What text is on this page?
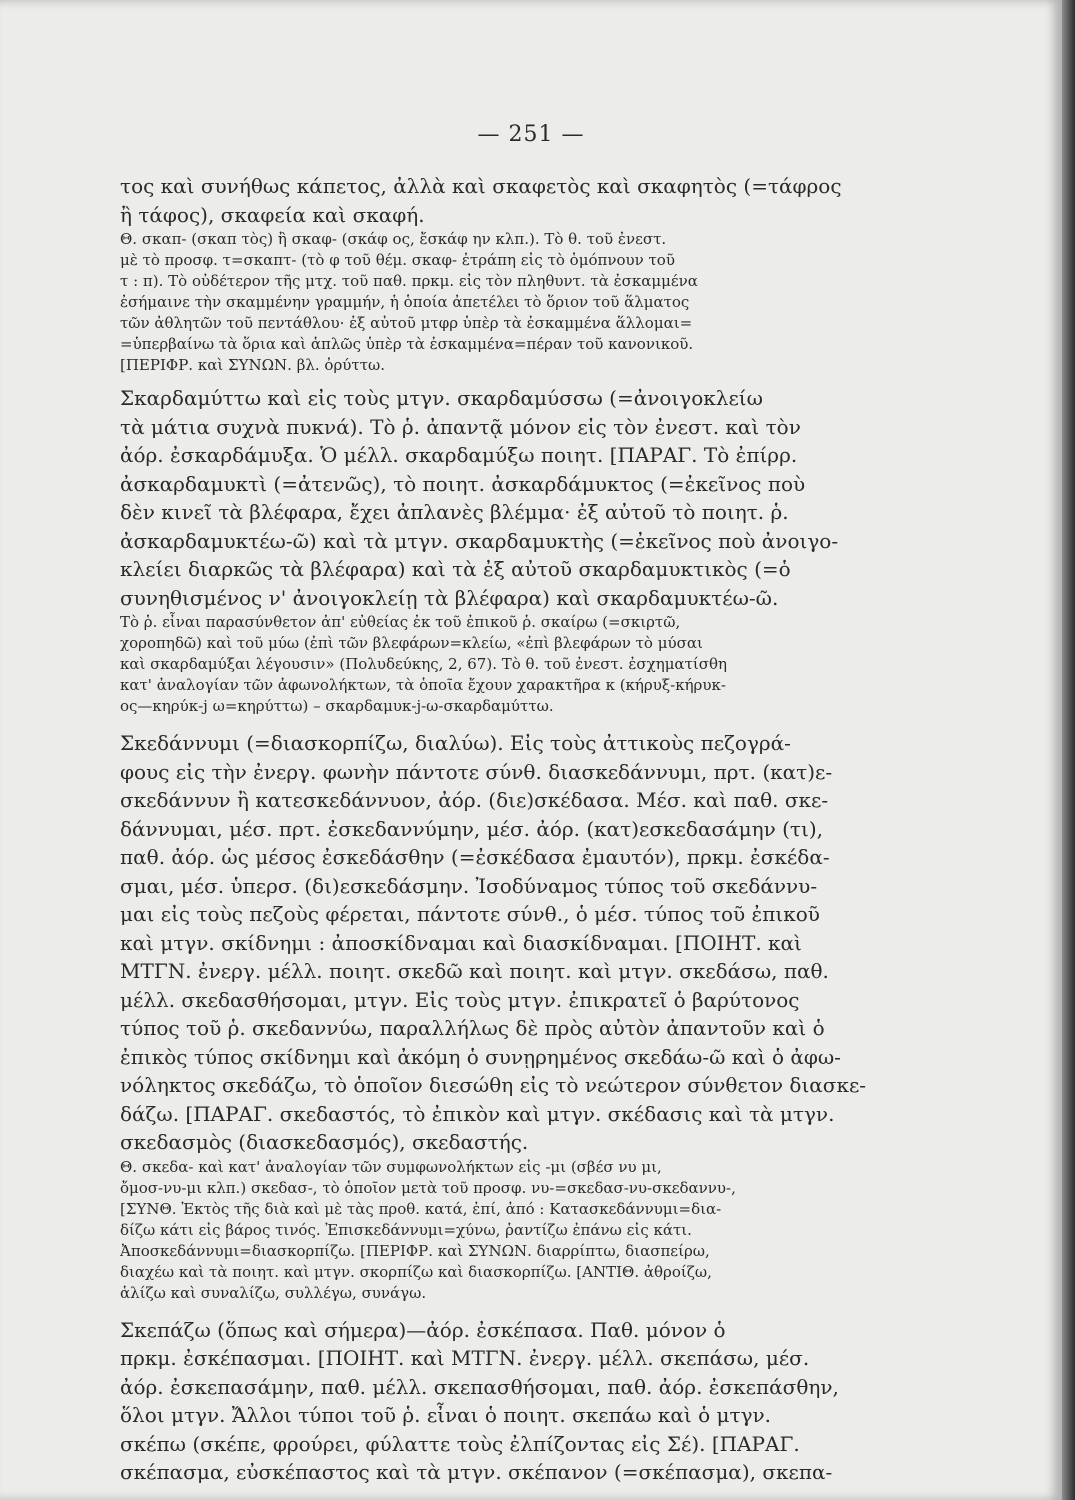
— 251 —
τος καὶ συνήθως κάπετος, ἀλλὰ καὶ σκαφετὸς καὶ σκαφητὸς (=τάφρος
ἢ τάφος), σκαφεία καὶ σκαφή.
Θ. σκαπ- (σκαπ τὸς) ἢ σκαφ- (σκάφ ος, ἔσκάφ ην κλπ.). Τὸ θ. τοῦ ἐνεστ.
μὲ τὸ προσφ. τ=σκαπτ- (τὸ φ τοῦ θέμ. σκαφ- ἐτράπη εἰς τὸ ὁμόπνουν τοῦ
τ : π). Τὸ οὐδέτερον τῆς μτχ. τοῦ παθ. πρκμ. εἰς τὸν πληθυντ. τὰ ἐσκαμμένα
ἐσήμαινε τὴν σκαμμένην γραμμήν, ἡ ὁποία ἀπετέλει τὸ ὅριον τοῦ ἅλματος
τῶν ἀθλητῶν τοῦ πεντάθλου· ἐξ αὐτοῦ μτφρ ὑπὲρ τὰ ἐσκαμμένα ἅλλομαι=
=ὑπερβαίνω τὰ ὅρια καὶ ἁπλῶς ὑπὲρ τὰ ἐσκαμμένα=πέραν τοῦ κανονικοῦ.
[ΠΕΡΙΦΡ. καὶ ΣΥΝΩΝ. βλ. ὀρύττω.
Σκαρδαμύττω καὶ εἰς τοὺς μτγν. σκαρδαμύσσω (=ἀνοιγοκλείω
τὰ μάτια συχνὰ πυκνά). Τὸ ῥ. ἀπαντᾷ μόνον εἰς τὸν ἐνεστ. καὶ τὸν
ἀόρ. ἐσκαρδάμυξα. Ὁ μέλλ. σκαρδαμύξω ποιητ. [ΠΑΡΑΓ. Τὸ ἐπίρρ.
ἀσκαρδαμυκτὶ (=ἀτενῶς), τὸ ποιητ. ἀσκαρδάμυκτος (=ἐκεῖνος ποὺ
δὲν κινεῖ τὰ βλέφαρα, ἔχει ἀπλανὲς βλέμμα· ἐξ αὐτοῦ τὸ ποιητ. ῥ.
ἀσκαρδαμυκτέω-ῶ) καὶ τὰ μτγν. σκαρδαμυκτὴς (=ἐκεῖνος ποὺ ἀνοιγο-
κλείει διαρκῶς τὰ βλέφαρα) καὶ τὰ ἐξ αὐτοῦ σκαρδαμυκτικὸς (=ὁ
συνηθισμένος ν' ἀνοιγοκλείῃ τὰ βλέφαρα) καὶ σκαρδαμυκτέω-ῶ.
Τὸ ῥ. εἶναι παρασύνθετον ἀπ' εὐθείας ἐκ τοῦ ἐπικοῦ ῥ. σκαίρω (=σκιρτῶ,
χοροπηδῶ) καὶ τοῦ μύω (ἐπὶ τῶν βλεφάρων=κλείω, «ἐπὶ βλεφάρων τὸ μύσαι
καὶ σκαρδαμύξαι λέγουσιν» (Πολυδεύκης, 2, 67). Τὸ θ. τοῦ ἐνεστ. ἐσχηματίσθη
κατ' ἀναλογίαν τῶν ἀφωνολήκτων, τὰ ὁποῖα ἔχουν χαρακτῆρα κ (κήρυξ-κήρυκ-
ος—κηρύκ-j ω=κηρύττω) – σκαρδαμυκ-j-ω-σκαρδαμύττω.
Σκεδάννυμι (=διασκορπίζω, διαλύω). Εἰς τοὺς ἀττικοὺς πεζογρά-
φους εἰς τὴν ἐνεργ. φωνὴν πάντοτε σύνθ. διασκεδάννυμι, πρτ. (κατ)ε-
σκεδάννυν ἢ κατεσκεδάννυον, ἀόρ. (διε)σκέδασα. Μέσ. καὶ παθ. σκε-
δάννυμαι, μέσ. πρτ. ἐσκεδαννύμην, μέσ. ἀόρ. (κατ)εσκεδασάμην (τι),
παθ. ἀόρ. ὡς μέσος ἐσκεδάσθην (=ἐσκέδασα ἐμαυτόν), πρκμ. ἐσκέδα-
σμαι, μέσ. ὑπερσ. (δι)εσκεδάσμην. Ἰσοδύναμος τύπος τοῦ σκεδάννυ-
μαι εἰς τοὺς πεζοὺς φέρεται, πάντοτε σύνθ., ὁ μέσ. τύπος τοῦ ἐπικοῦ
καὶ μτγν. σκίδνημι : ἀποσκίδναμαι καὶ διασκίδναμαι. [ΠΟΙΗΤ. καὶ
ΜΤΓΝ. ἐνεργ. μέλλ. ποιητ. σκεδῶ καὶ ποιητ. καὶ μτγν. σκεδάσω, παθ.
μέλλ. σκεδασθήσομαι, μτγν. Εἰς τοὺς μτγν. ἐπικρατεῖ ὁ βαρύτονος
τύπος τοῦ ῥ. σκεδαννύω, παραλλήλως δὲ πρὸς αὐτὸν ἀπαντοῦν καὶ ὁ
ἐπικὸς τύπος σκίδνημι καὶ ἀκόμη ὁ συνῃρημένος σκεδάω-ῶ καὶ ὁ ἀφω-
νόληκτος σκεδάζω, τὸ ὁποῖον διεσώθη εἰς τὸ νεώτερον σύνθετον διασκε-
δάζω. [ΠΑΡΑΓ. σκεδαστός, τὸ ἐπικὸν καὶ μτγν. σκέδασις καὶ τὰ μτγν.
σκεδασμὸς (διασκεδασμός), σκεδαστής.
Θ. σκεδα- καὶ κατ' ἀναλογίαν τῶν συμφωνολήκτων εἰς -μι (σβέσ νυ μι,
ὄμοσ-νυ-μι κλπ.) σκεδασ-, τὸ ὁποῖον μετὰ τοῦ προσφ. νυ-=σκεδασ-νυ-σκεδαννυ-,
[ΣΥΝΘ. Ἐκτὸς τῆς διὰ καὶ μὲ τὰς προθ. κατά, ἐπί, ἀπό : Κατασκεδάννυμι=δια-
δίζω κάτι εἰς βάρος τινός. Ἐπισκεδάννυμι=χύνω, ῥαντίζω ἐπάνω εἰς κάτι.
Ἀποσκεδάννυμι=διασκορπίζω. [ΠΕΡΙΦΡ. καὶ ΣΥΝΩΝ. διαρρίπτω, διασπείρω,
διαχέω καὶ τὰ ποιητ. καὶ μτγν. σκορπίζω καὶ διασκορπίζω. [ΑΝΤΙΘ. ἀθροίζω,
ἁλίζω καὶ συναλίζω, συλλέγω, συνάγω.
Σκεπάζω (ὅπως καὶ σήμερα)—ἀόρ. ἐσκέπασα. Παθ. μόνον ὁ
πρκμ. ἐσκέπασμαι. [ΠΟΙΗΤ. καὶ ΜΤΓΝ. ἐνεργ. μέλλ. σκεπάσω, μέσ.
ἀόρ. ἐσκεπασάμην, παθ. μέλλ. σκεπασθήσομαι, παθ. ἀόρ. ἐσκεπάσθην,
ὅλοι μτγν. Ἄλλοι τύποι τοῦ ῥ. εἶναι ὁ ποιητ. σκεπάω καὶ ὁ μτγν.
σκέπω (σκέπε, φρούρει, φύλαττε τοὺς ἐλπίζοντας εἰς Σέ). [ΠΑΡΑΓ.
σκέπασμα, εὐσκέπαστος καὶ τὰ μτγν. σκέπανον (=σκέπασμα), σκεπα-
